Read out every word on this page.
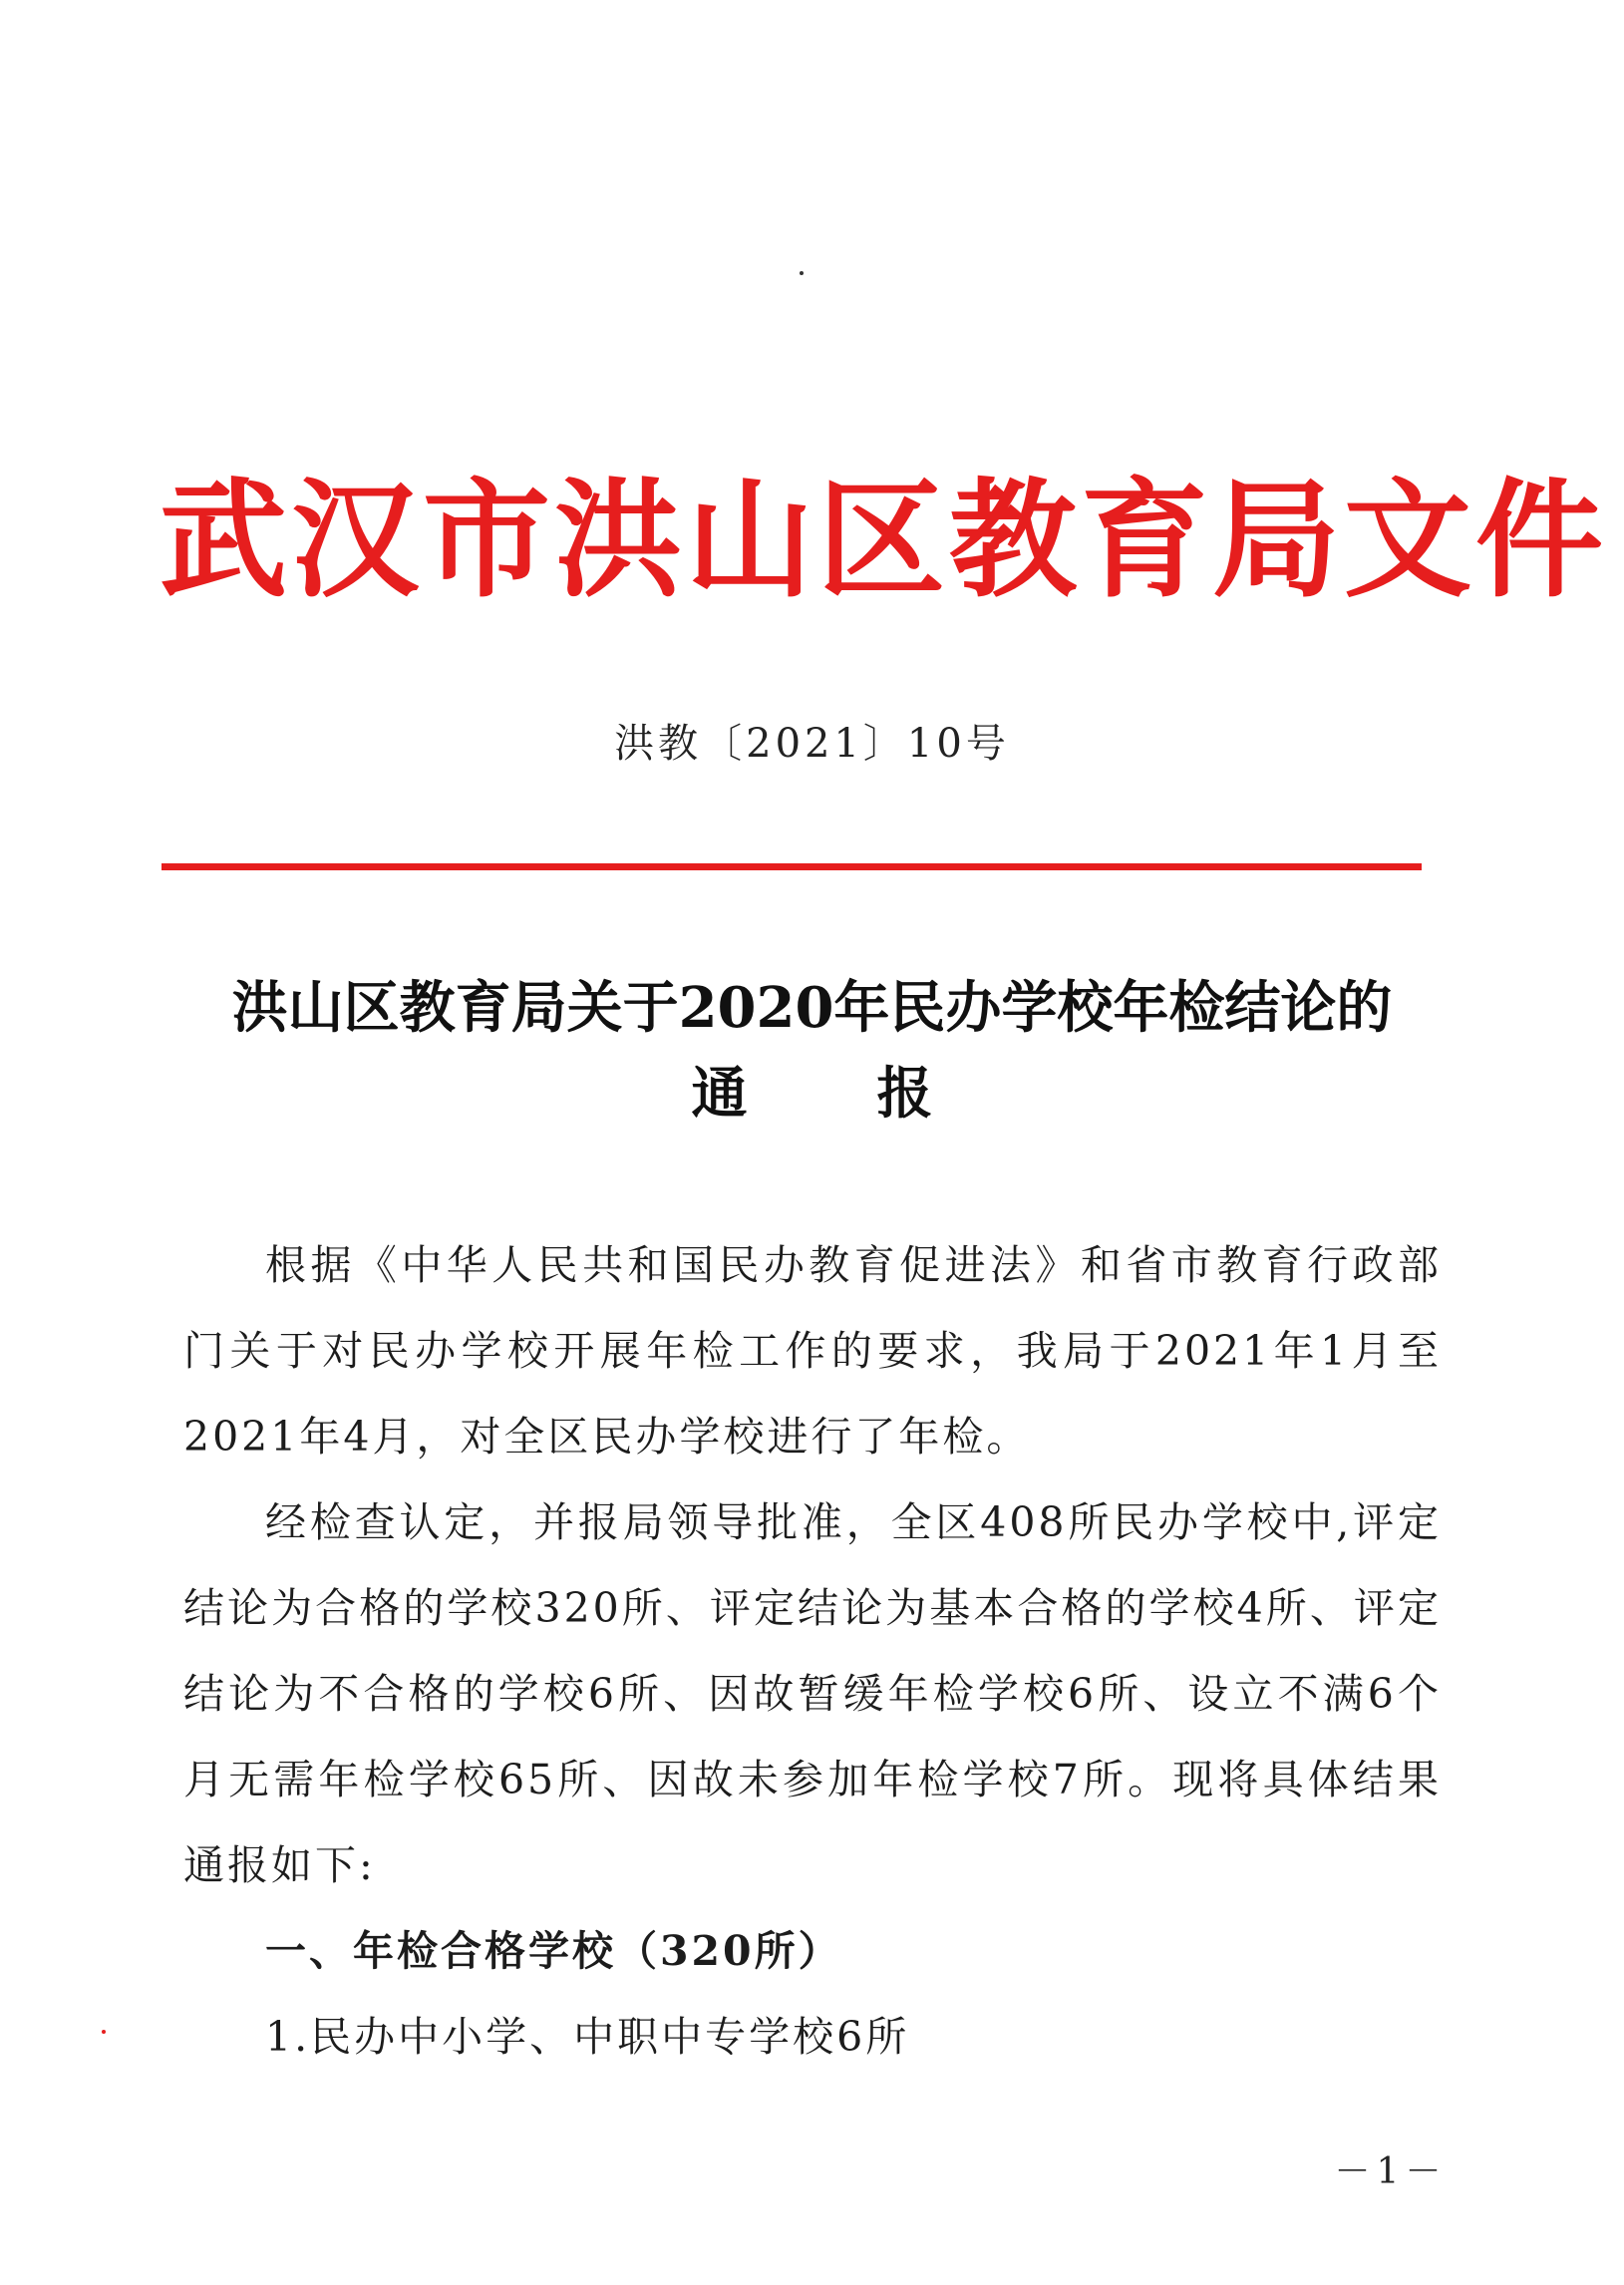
武汉市洪山区教育局文件
洪教〔2021〕10号
洪山区教育局关于2020年民办学校年检结论的
通报

根据《中华人民共和国民办教育促进法》和省市教育行政部门关于对民办学校开展年检工作的要求，我局于2021年1月至2021年4月，对全区民办学校进行了年检。

经检查认定，并报局领导批准，全区408所民办学校中,评定结论为合格的学校320所、评定结论为基本合格的学校4所、评定结论为不合格的学校6所、因故暂缓年检学校6所、设立不满6个月无需年检学校65所、因故未参加年检学校7所。现将具体结果通报如下:

一、年检合格学校（320所）

1.民办中小学、中职中专学校6所

－1－
